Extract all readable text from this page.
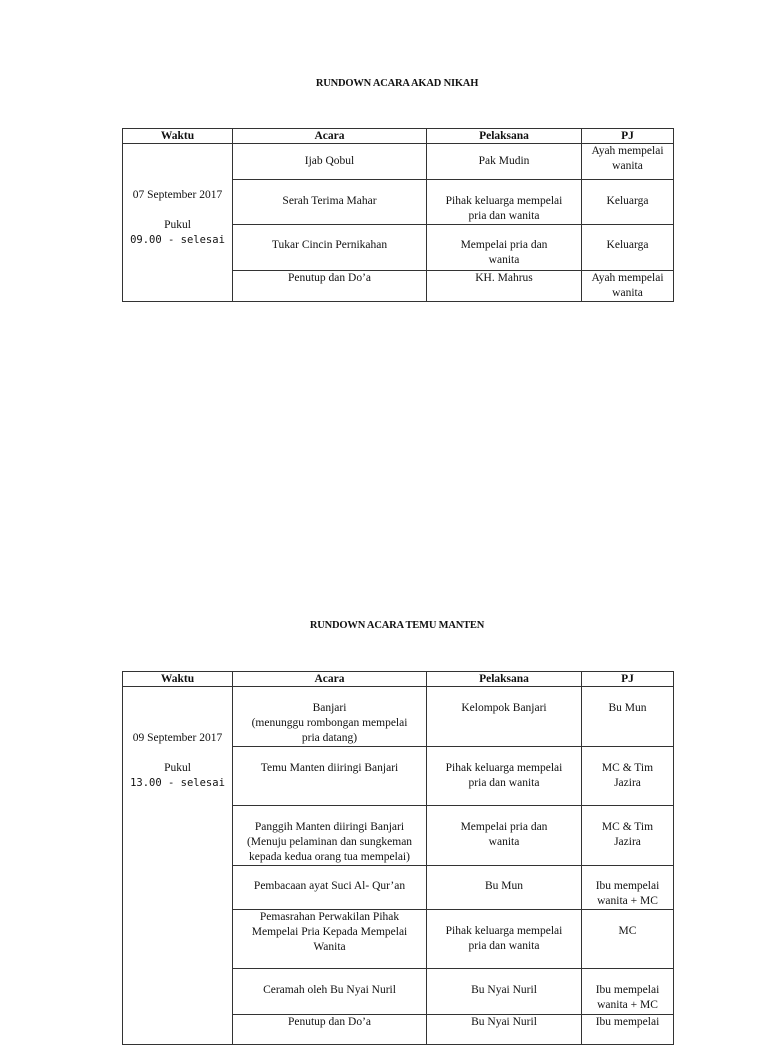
RUNDOWN ACARA AKAD NIKAH
Waktu	Acara	Pelaksana	PJ

07 September 2017
Pukul
09.00 - selesai	Ijab Qobul	Pak Mudin	Ayah mempelai
wanita

	Serah Terima Mahar	Pihak keluarga mempelai
pria dan wanita	Keluarga
	Tukar Cincin Pernikahan	Mempelai pria dan
wanita	Keluarga
	Penutup dan Do’a	KH. Mahrus	Ayah mempelai
wanita
RUNDOWN ACARA TEMU MANTEN
Waktu	Acara	Pelaksana	PJ

09 September 2017
Pukul
13.00 - selesai	Banjari
(menunggu rombongan mempelai
pria datang)	Kelompok Banjari	Bu Mun
	Temu Manten diiringi Banjari	Pihak keluarga mempelai
pria dan wanita	MC & Tim
Jazira

	Panggih Manten diiringi Banjari
(Menuju pelaminan dan sungkeman
kepada kedua orang tua mempelai)	Mempelai pria dan
wanita	MC & Tim
Jazira

	Pembacaan ayat Suci Al- Qur’an	Bu Mun	Ibu mempelai
wanita + MC

	Pemasrahan Perwakilan Pihak
Mempelai Pria Kepada Mempelai
Wanita	Pihak keluarga mempelai
pria dan wanita	MC
	Ceramah oleh Bu Nyai Nuril	Bu Nyai Nuril	Ibu mempelai
wanita + MC

	Penutup dan Do’a	Bu Nyai Nuril	Ibu mempelai
